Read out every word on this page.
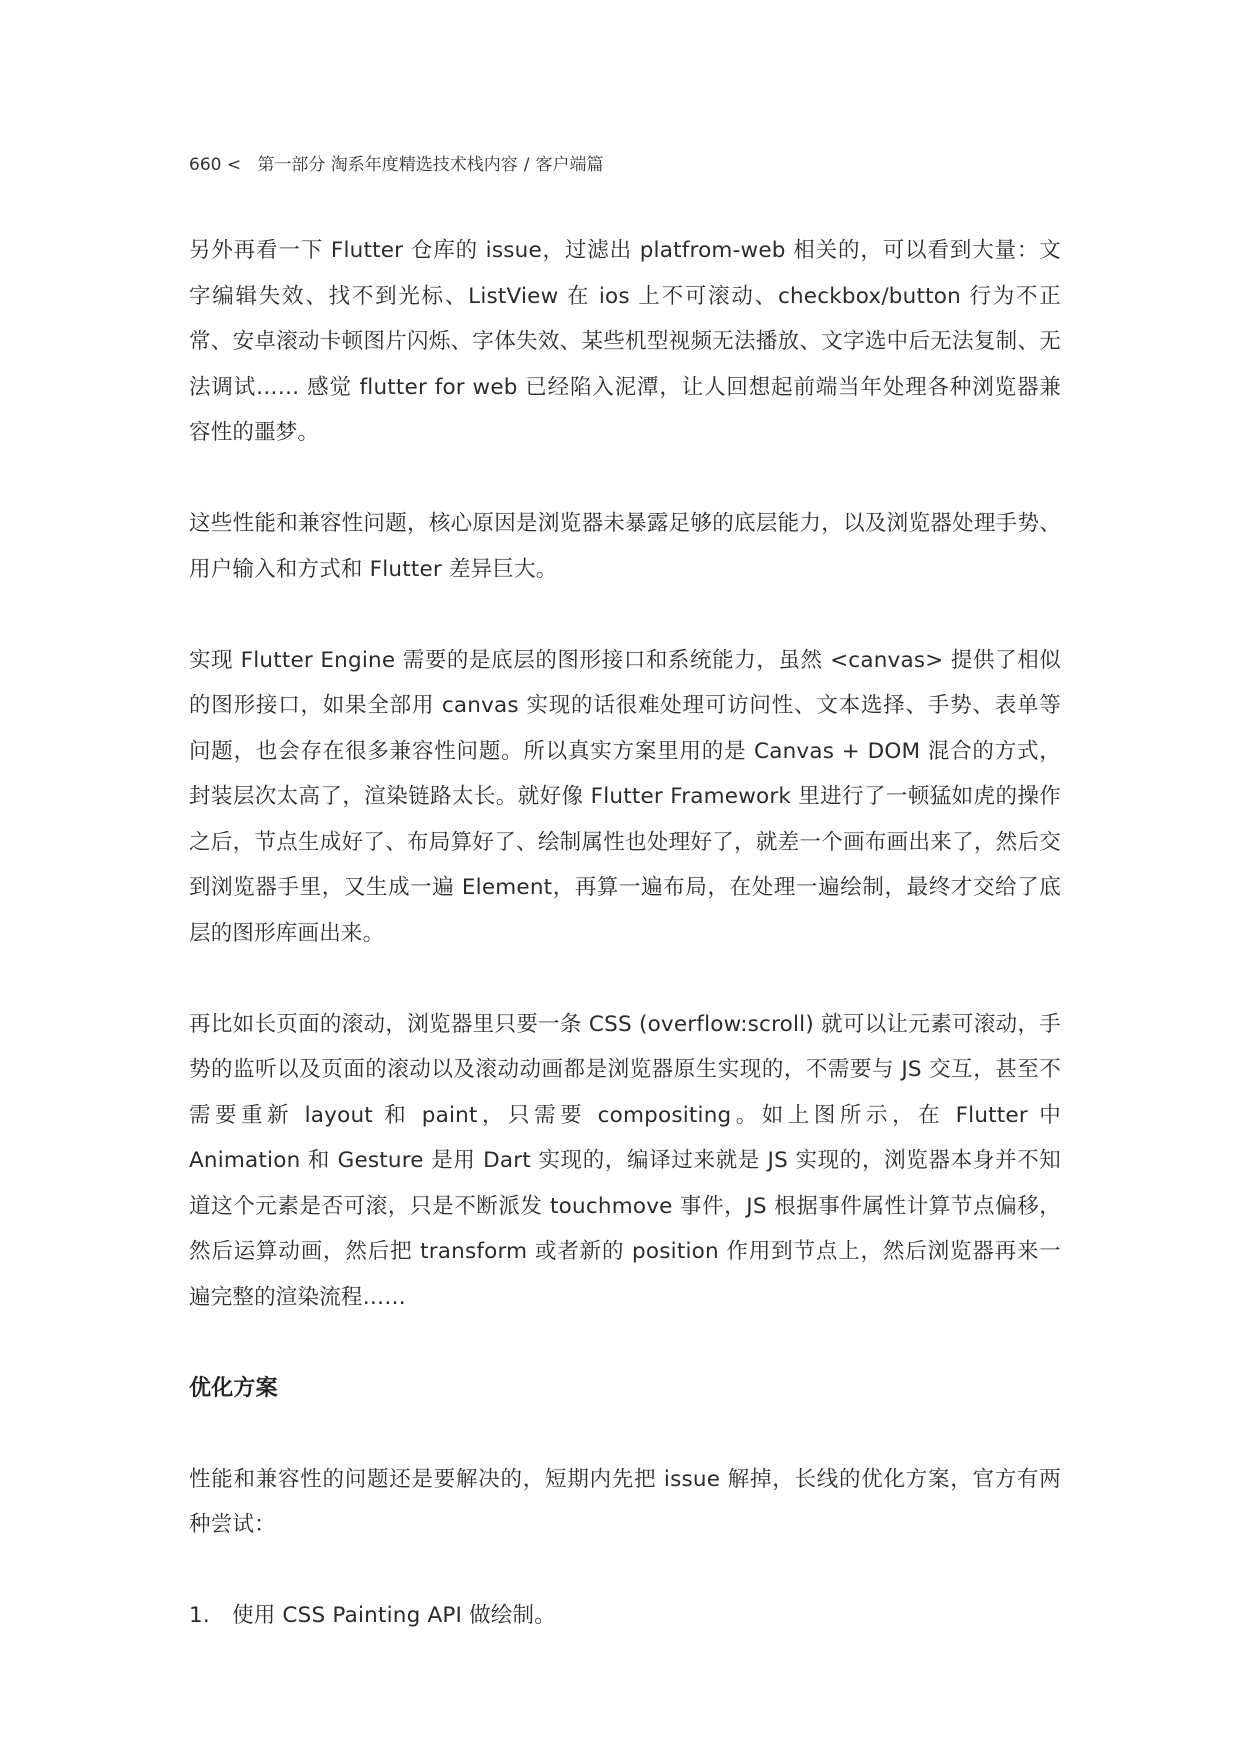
660 < 第一部分 淘系年度精选技术栈内容 / 客户端篇

另外再看一下 Flutter 仓库的 issue，过滤出 platfrom-web 相关的，可以看到大量：文字编辑失效、找不到光标、ListView 在 ios 上不可滚动、checkbox/button 行为不正常、安卓滚动卡顿图片闪烁、字体失效、某些机型视频无法播放、文字选中后无法复制、无法调试…… 感觉 flutter for web 已经陷入泥潭，让人回想起前端当年处理各种浏览器兼容性的噩梦。

这些性能和兼容性问题，核心原因是浏览器未暴露足够的底层能力，以及浏览器处理手势、用户输入和方式和 Flutter 差异巨大。

实现 Flutter Engine 需要的是底层的图形接口和系统能力，虽然 <canvas> 提供了相似的图形接口，如果全部用 canvas 实现的话很难处理可访问性、文本选择、手势、表单等问题，也会存在很多兼容性问题。所以真实方案里用的是 Canvas + DOM 混合的方式，封装层次太高了，渲染链路太长。就好像 Flutter Framework 里进行了一顿猛如虎的操作之后，节点生成好了、布局算好了、绘制属性也处理好了，就差一个画布画出来了，然后交到浏览器手里，又生成一遍 Element，再算一遍布局，在处理一遍绘制，最终才交给了底层的图形库画出来。

再比如长页面的滚动，浏览器里只要一条 CSS (overflow:scroll) 就可以让元素可滚动，手势的监听以及页面的滚动以及滚动动画都是浏览器原生实现的，不需要与 JS 交互，甚至不需要重新 layout 和 paint，只需要 compositing。如上图所示，在 Flutter 中 Animation 和 Gesture 是用 Dart 实现的，编译过来就是 JS 实现的，浏览器本身并不知道这个元素是否可滚，只是不断派发 touchmove 事件，JS 根据事件属性计算节点偏移，然后运算动画，然后把 transform 或者新的 position 作用到节点上，然后浏览器再来一遍完整的渲染流程……

优化方案

性能和兼容性的问题还是要解决的，短期内先把 issue 解掉，长线的优化方案，官方有两种尝试：

1.	使用 CSS Painting API 做绘制。
